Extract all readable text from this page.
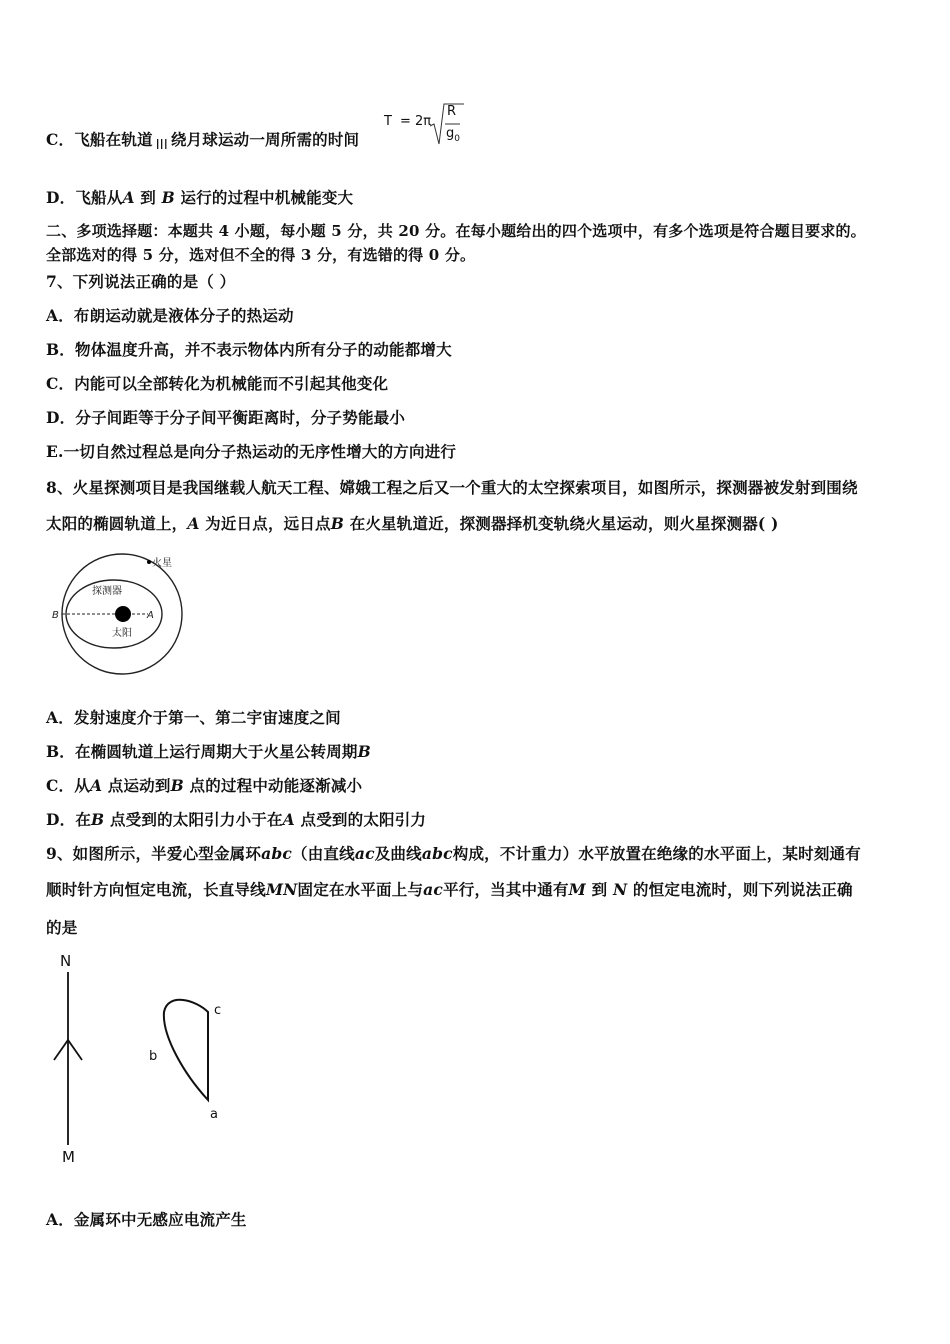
C．飞船在轨道 $_{III}$ 绕月球运动一周所需的时间
T = 2π
R
$g_0$
D．飞船从A 到 B 运行的过程中机械能变大
二、多项选择题：本题共 4 小题，每小题 5 分，共 20 分。在每小题给出的四个选项中，有多个选项是符合题目要求的。
全部选对的得 5 分，选对但不全的得 3 分，有选错的得 0 分。
7、下列说法正确的是（ ）
A．布朗运动就是液体分子的热运动
B．物体温度升高，并不表示物体内所有分子的动能都增大
C．内能可以全部转化为机械能而不引起其他变化
D．分子间距等于分子间平衡距离时，分子势能最小
E.一切自然过程总是向分子热运动的无序性增大的方向进行
8、火星探测项目是我国继载人航天工程、嫦娥工程之后又一个重大的太空探索项目，如图所示，探测器被发射到围绕
太阳的椭圆轨道上，A 为近日点，远日点B 在火星轨道近，探测器择机变轨绕火星运动，则火星探测器( )
火星
探测器
太阳
B	A
A．发射速度介于第一、第二宇宙速度之间
B．在椭圆轨道上运行周期大于火星公转周期B
C．从A 点运动到B 点的过程中动能逐渐减小
D．在B 点受到的太阳引力小于在A 点受到的太阳引力
9、如图所示，半爱心型金属环abc（由直线ac及曲线abc构成，不计重力）水平放置在绝缘的水平面上，某时刻通有
顺时针方向恒定电流，长直导线MN固定在水平面上与ac平行，当其中通有M 到 N 的恒定电流时，则下列说法正确
的是
N
M
c
b
a
A．金属环中无感应电流产生
